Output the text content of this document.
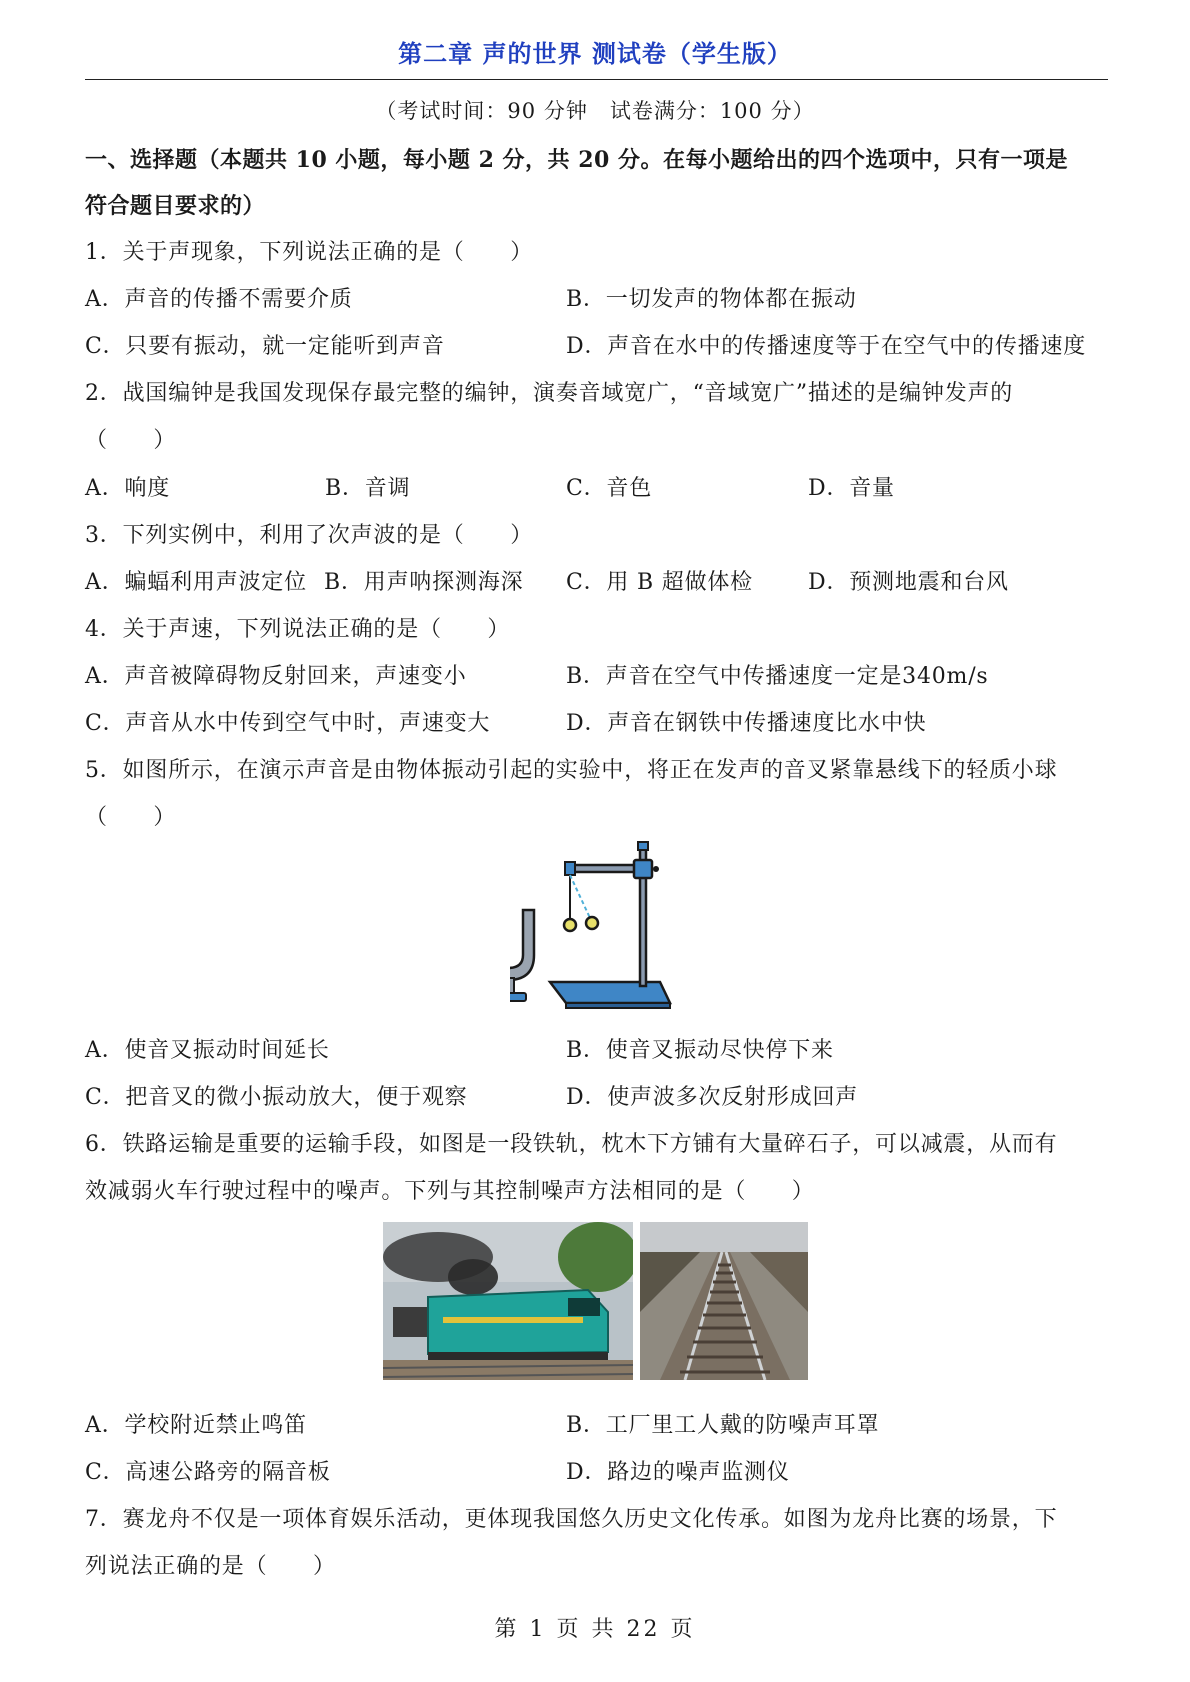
第二章 声的世界 测试卷（学生版）
（考试时间：90 分钟　试卷满分：100 分）
一、选择题（本题共 10 小题，每小题 2 分，共 20 分。在每小题给出的四个选项中，只有一项是
符合题目要求的）
1．关于声现象，下列说法正确的是（　　）
A．声音的传播不需要介质	B．一切发声的物体都在振动
C．只要有振动，就一定能听到声音	D．声音在水中的传播速度等于在空气中的传播速度
2．战国编钟是我国发现保存最完整的编钟，演奏音域宽广，“音域宽广”描述的是编钟发声的
（　　）
A．响度	B．音调	C．音色	D．音量
3．下列实例中，利用了次声波的是（　　）
A．蝙蝠利用声波定位 B．用声呐探测海深 C．用 B 超做体检	D．预测地震和台风
4．关于声速，下列说法正确的是（　　）
A．声音被障碍物反射回来，声速变小	B．声音在空气中传播速度一定是340m/s
C．声音从水中传到空气中时，声速变大	D．声音在钢铁中传播速度比水中快
5．如图所示，在演示声音是由物体振动引起的实验中，将正在发声的音叉紧靠悬线下的轻质小球
（　　）
A．使音叉振动时间延长	B．使音叉振动尽快停下来
C．把音叉的微小振动放大，便于观察	D．使声波多次反射形成回声
6．铁路运输是重要的运输手段，如图是一段铁轨，枕木下方铺有大量碎石子，可以减震，从而有
效减弱火车行驶过程中的噪声。下列与其控制噪声方法相同的是（　　）
A．学校附近禁止鸣笛	B．工厂里工人戴的防噪声耳罩
C．高速公路旁的隔音板	D．路边的噪声监测仪
7．赛龙舟不仅是一项体育娱乐活动，更体现我国悠久历史文化传承。如图为龙舟比赛的场景，下
列说法正确的是（　　）
第 1 页 共 22 页
